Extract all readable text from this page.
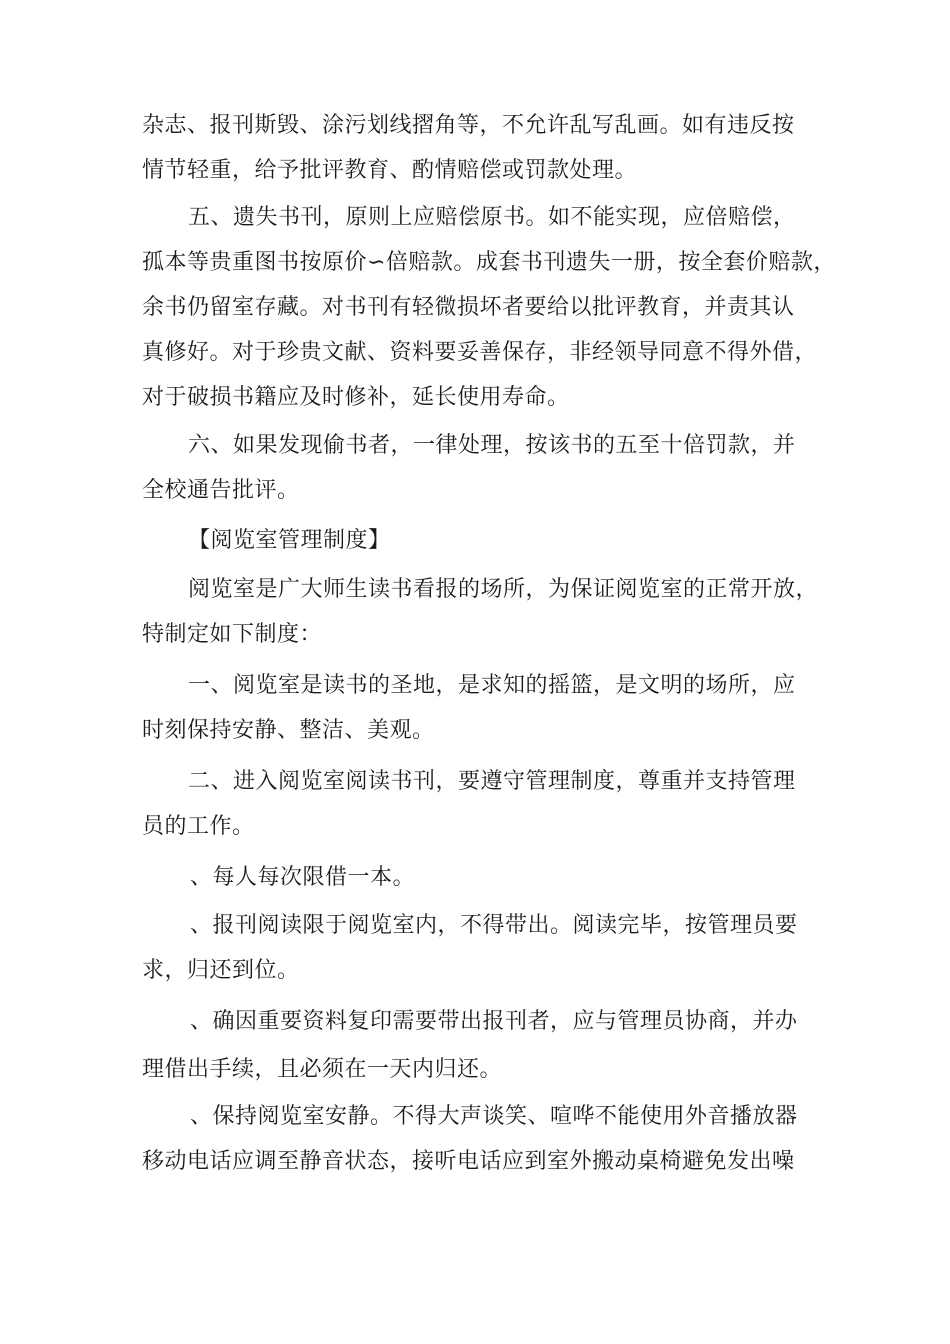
杂志、报刊斯毁、涂污划线摺角等，不允许乱写乱画。如有违反按
情节轻重，给予批评教育、酌情赔偿或罚款处理。
五、遗失书刊，原则上应赔偿原书。如不能实现，应倍赔偿，
孤本等贵重图书按原价∽倍赔款。成套书刊遗失一册，按全套价赔款，
余书仍留室存藏。对书刊有轻微损坏者要给以批评教育，并责其认
真修好。对于珍贵文献、资料要妥善保存，非经领导同意不得外借，
对于破损书籍应及时修补，延长使用寿命。
六、如果发现偷书者，一律处理，按该书的五至十倍罚款，并
全校通告批评。
【阅览室管理制度】
阅览室是广大师生读书看报的场所，为保证阅览室的正常开放，
特制定如下制度：
一、阅览室是读书的圣地，是求知的摇篮，是文明的场所，应
时刻保持安静、整洁、美观。
二、进入阅览室阅读书刊，要遵守管理制度，尊重并支持管理
员的工作。
、每人每次限借一本。
、报刊阅读限于阅览室内，不得带出。阅读完毕，按管理员要
求，归还到位。
、确因重要资料复印需要带出报刊者，应与管理员协商，并办
理借出手续，且必须在一天内归还。
、保持阅览室安静。不得大声谈笑、喧哗不能使用外音播放器
移动电话应调至静音状态，接听电话应到室外搬动桌椅避免发出噪
